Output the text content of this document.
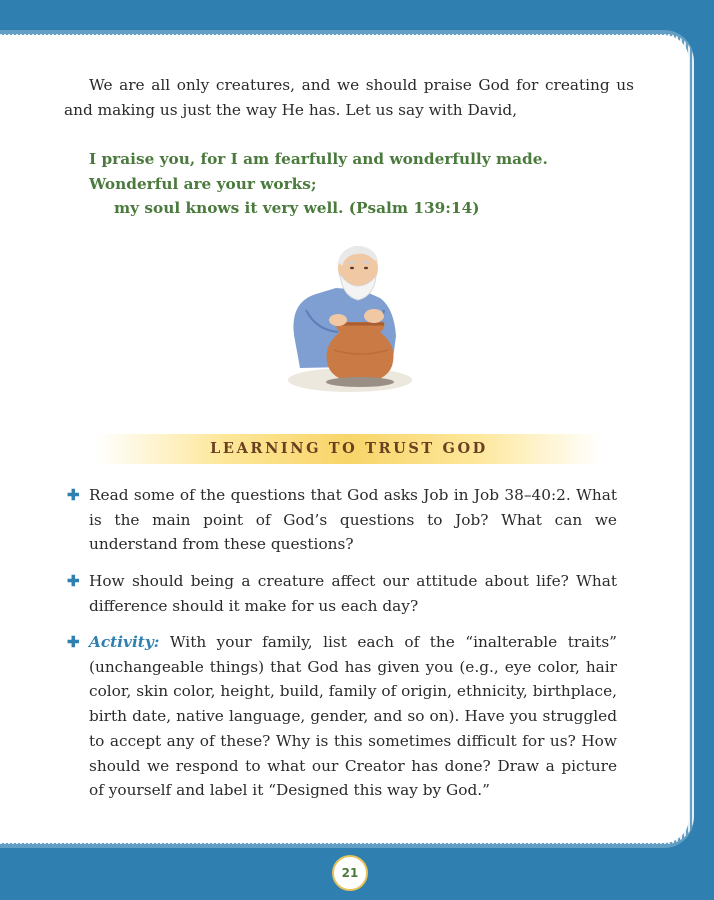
We are all only creatures, and we should praise God for creating us and making us just the way He has. Let us say with David,

I praise you, for I am fearfully and wonderfully made.
Wonderful are your works;
my soul knows it very well. (Psalm 139:14)
LEARNING TO TRUST GOD
✚ Read some of the questions that God asks Job in Job 38–40:2. What is the main point of God’s questions to Job? What can we understand from these questions?
✚ How should being a creature affect our attitude about life? What difference should it make for us each day?
✚ Activity: With your family, list each of the “inalterable traits” (unchangeable things) that God has given you (e.g., eye color, hair color, skin color, height, build, family of origin, ethnicity, birthplace, birth date, native language, gender, and so on). Have you struggled to accept any of these? Why is this sometimes difficult for us? How should we respond to what our Creator has done? Draw a picture of yourself and label it “Designed this way by God.”
21
